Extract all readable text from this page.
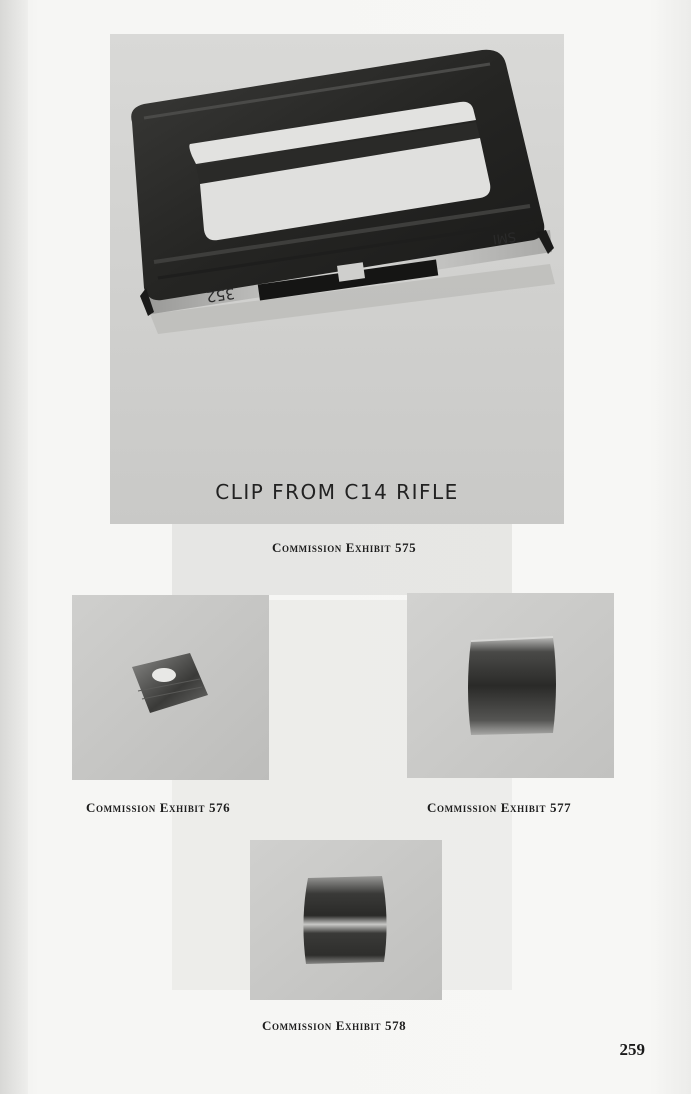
352
SMI
CLIP FROM C14 RIFLE
Commission Exhibit 575
Commission Exhibit 576	Commission Exhibit 577
Commission Exhibit 578
259
